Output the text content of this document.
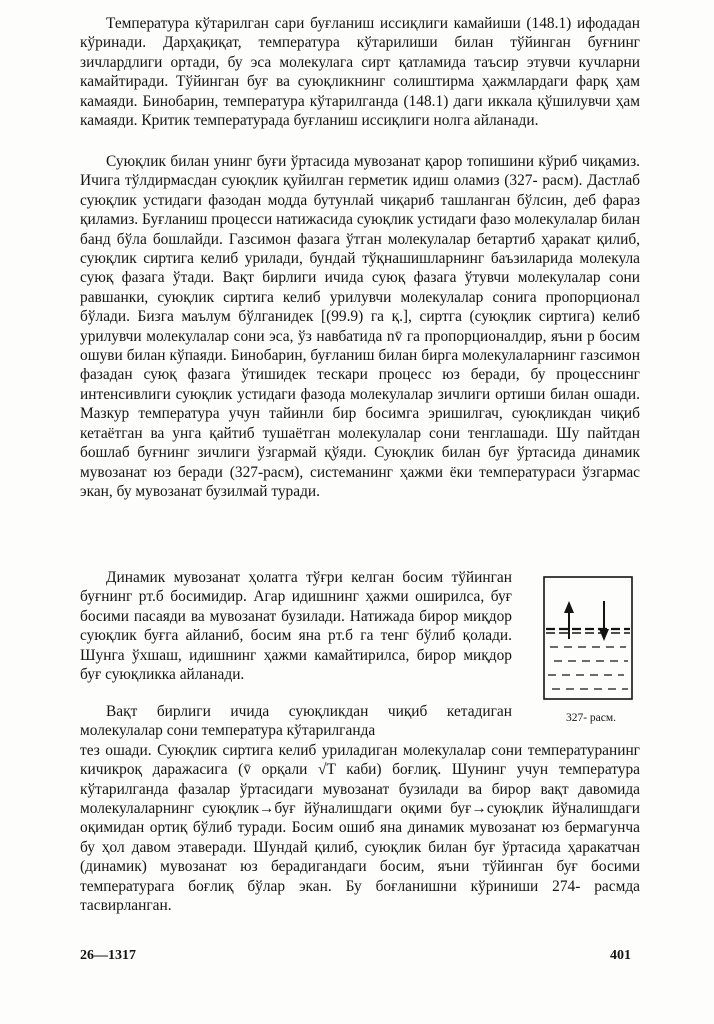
Температура кўтарилган сари буғланиш иссиқлиги камайиши (148.1) ифодадан кўринади. Дарҳақиқат, температура кўтарилиши билан тўйинган буғнинг зичлардлиги ортади, бу эса молекулага сирт қатламида таъсир этувчи кучларни камайтиради. Тўйинган буғ ва суюқликнинг солиштирма ҳажмлардаги фарқ ҳам камаяди. Бинобарин, температура кўтарилганда (148.1) даги иккала қўшилувчи ҳам камаяди. Критик температурада буғланиш иссиқлиги нолга айланади.

Суюқлик билан унинг буғи ўртасида мувозанат қарор топишини кўриб чиқамиз. Ичига тўлдирмасдан суюқлик қуйилган герметик идиш оламиз (327- расм). Дастлаб суюқлик устидаги фазодан модда бутунлай чиқариб ташланган бўлсин, деб фараз қиламиз. Буғланиш процесси натижасида суюқлик устидаги фазо молекулалар билан банд бўла бошлайди. Газсимон фазага ўтган молекулалар бетартиб ҳаракат қилиб, суюқлик сиртига келиб урилади, бундай тўқнашишларнинг баъзиларида молекула суюқ фазага ўтади. Вақт бирлиги ичида суюқ фазага ўтувчи молекулалар сони равшанки, суюқлик сиртига келиб урилувчи молекулалар сонига пропорционал бўлади. Бизга маълум бўлганидек [(99.9) га қ.], сиртга (суюқлик сиртига) келиб урилувчи молекулалар сони эса, ўз навбатида nv̄ га пропорционалдир, яъни p босим ошуви билан кўпаяди. Бинобарин, буғланиш билан бирга молекулаларнинг газсимон фазадан суюқ фазага ўтишидек тескари процесс юз беради, бу процесснинг интенсивлиги суюқлик устидаги фазода молекулалар зичлиги ортиши билан ошади. Мазкур температура учун тайинли бир босимга эришилгач, суюқликдан чиқиб кетаётган ва унга қайтиб тушаётган молекулалар сони тенглашади. Шу пайтдан бошлаб буғнинг зичлиги ўзгармай қўяди. Суюқлик билан буғ ўртасида динамик мувозанат юз беради (327-расм), системанинг ҳажми ёки температураси ўзгармас экан, бу мувозанат бузилмай туради.

Динамик мувозанат ҳолатга тўғри келган босим тўйинган буғнинг pт.б босимидир. Агар идишнинг ҳажми оширилса, буғ босими пасаяди ва мувозанат бузилади. Натижада бирор миқдор суюқлик буғга айланиб, босим яна pт.б га тенг бўлиб қолади. Шунга ўхшаш, идишнинг ҳажми камайтирилса, бирор миқдор буғ суюқликка айланади.

327- расм.
Вақт бирлиги ичида суюқликдан чиқиб кетадиган молекулалар сони температура кўтарилганда
тез ошади. Суюқлик сиртига келиб уриладиган молекулалар сони температуранинг кичикроқ даражасига (v̄ орқали √T каби) боғлиқ. Шунинг учун температура кўтарилганда фазалар ўртасидаги мувозанат бузилади ва бирор вақт давомида молекулаларнинг суюқлик→буғ йўналишдаги оқими буғ→суюқлик йўналишдаги оқимидан ортиқ бўлиб туради. Босим ошиб яна динамик мувозанат юз бермагунча бу ҳол давом этаверади. Шундай қилиб, суюқлик билан буғ ўртасида ҳаракатчан (динамик) мувозанат юз берадигандаги босим, яъни тўйинган буғ босими температурага боғлиқ бўлар экан. Бу боғланишни кўриниши 274- расмда тасвирланган.
26—1317	401
